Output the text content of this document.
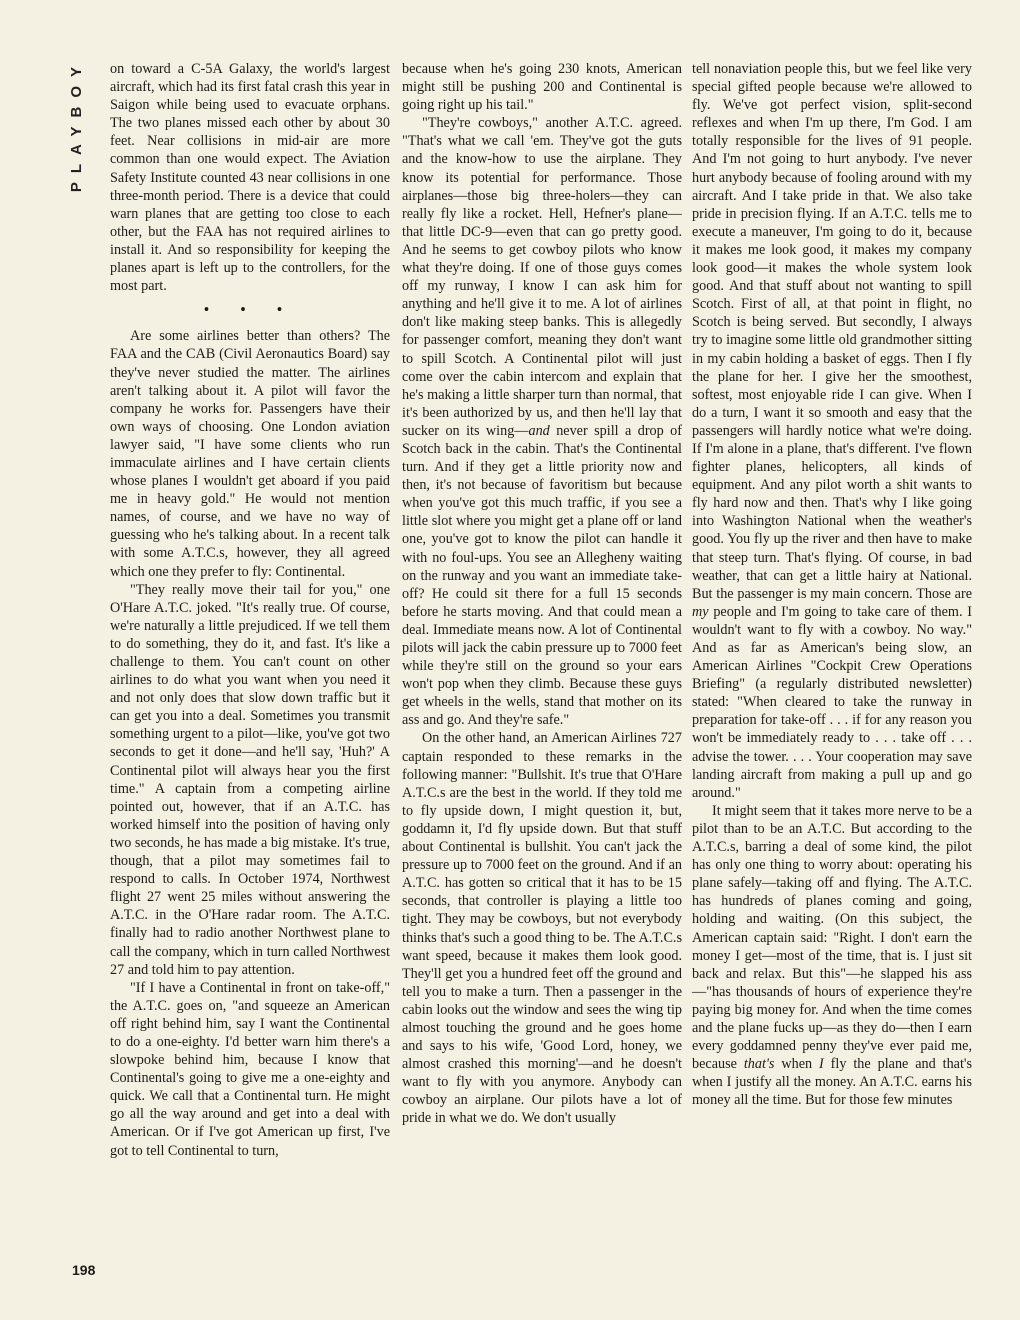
PLAYBOY
198

on toward a C-5A Galaxy, the world's largest aircraft, which had its first fatal crash this year in Saigon while being used to evacuate orphans. The two planes missed each other by about 30 feet. Near collisions in mid-air are more common than one would expect. The Aviation Safety Institute counted 43 near collisions in one three-month period. There is a device that could warn planes that are getting too close to each other, but the FAA has not required airlines to install it. And so responsibility for keeping the planes apart is left up to the controllers, for the most part.

• • •

Are some airlines better than others? The FAA and the CAB (Civil Aeronautics Board) say they've never studied the matter. The airlines aren't talking about it. A pilot will favor the company he works for. Passengers have their own ways of choosing. One London aviation lawyer said, "I have some clients who run immaculate airlines and I have certain clients whose planes I wouldn't get aboard if you paid me in heavy gold." He would not mention names, of course, and we have no way of guessing who he's talking about. In a recent talk with some A.T.C.s, however, they all agreed which one they prefer to fly: Continental.

"They really move their tail for you," one O'Hare A.T.C. joked. "It's really true. Of course, we're naturally a little prejudiced. If we tell them to do something, they do it, and fast. It's like a challenge to them. You can't count on other airlines to do what you want when you need it and not only does that slow down traffic but it can get you into a deal. Sometimes you transmit something urgent to a pilot—like, you've got two seconds to get it done—and he'll say, 'Huh?' A Continental pilot will always hear you the first time." A captain from a competing airline pointed out, however, that if an A.T.C. has worked himself into the position of having only two seconds, he has made a big mistake. It's true, though, that a pilot may sometimes fail to respond to calls. In October 1974, Northwest flight 27 went 25 miles without answering the A.T.C. in the O'Hare radar room. The A.T.C. finally had to radio another Northwest plane to call the company, which in turn called Northwest 27 and told him to pay attention.

"If I have a Continental in front on take-off," the A.T.C. goes on, "and squeeze an American off right behind him, say I want the Continental to do a one-eighty. I'd better warn him there's a slowpoke behind him, because I know that Continental's going to give me a one-eighty and quick. We call that a Continental turn. He might go all the way around and get into a deal with American. Or if I've got American up first, I've got to tell Continental to turn,

because when he's going 230 knots, American might still be pushing 200 and Continental is going right up his tail."

"They're cowboys," another A.T.C. agreed. "That's what we call 'em. They've got the guts and the know-how to use the airplane. They know its potential for performance. Those airplanes—those big three-holers—they can really fly like a rocket. Hell, Hefner's plane—that little DC-9—even that can go pretty good. And he seems to get cowboy pilots who know what they're doing. If one of those guys comes off my runway, I know I can ask him for anything and he'll give it to me. A lot of airlines don't like making steep banks. This is allegedly for passenger comfort, meaning they don't want to spill Scotch. A Continental pilot will just come over the cabin intercom and explain that he's making a little sharper turn than normal, that it's been authorized by us, and then he'll lay that sucker on its wing—and never spill a drop of Scotch back in the cabin. That's the Continental turn. And if they get a little priority now and then, it's not because of favoritism but because when you've got this much traffic, if you see a little slot where you might get a plane off or land one, you've got to know the pilot can handle it with no foul-ups. You see an Allegheny waiting on the runway and you want an immediate take-off? He could sit there for a full 15 seconds before he starts moving. And that could mean a deal. Immediate means now. A lot of Continental pilots will jack the cabin pressure up to 7000 feet while they're still on the ground so your ears won't pop when they climb. Because these guys get wheels in the wells, stand that mother on its ass and go. And they're safe."

On the other hand, an American Airlines 727 captain responded to these remarks in the following manner: "Bullshit. It's true that O'Hare A.T.C.s are the best in the world. If they told me to fly upside down, I might question it, but, goddamn it, I'd fly upside down. But that stuff about Continental is bullshit. You can't jack the pressure up to 7000 feet on the ground. And if an A.T.C. has gotten so critical that it has to be 15 seconds, that controller is playing a little too tight. They may be cowboys, but not everybody thinks that's such a good thing to be. The A.T.C.s want speed, because it makes them look good. They'll get you a hundred feet off the ground and tell you to make a turn. Then a passenger in the cabin looks out the window and sees the wing tip almost touching the ground and he goes home and says to his wife, 'Good Lord, honey, we almost crashed this morning'—and he doesn't want to fly with you anymore. Anybody can cowboy an airplane. Our pilots have a lot of pride in what we do. We don't usually

tell nonaviation people this, but we feel like very special gifted people because we're allowed to fly. We've got perfect vision, split-second reflexes and when I'm up there, I'm God. I am totally responsible for the lives of 91 people. And I'm not going to hurt anybody. I've never hurt anybody because of fooling around with my aircraft. And I take pride in that. We also take pride in precision flying. If an A.T.C. tells me to execute a maneuver, I'm going to do it, because it makes me look good, it makes my company look good—it makes the whole system look good. And that stuff about not wanting to spill Scotch. First of all, at that point in flight, no Scotch is being served. But secondly, I always try to imagine some little old grandmother sitting in my cabin holding a basket of eggs. Then I fly the plane for her. I give her the smoothest, softest, most enjoyable ride I can give. When I do a turn, I want it so smooth and easy that the passengers will hardly notice what we're doing. If I'm alone in a plane, that's different. I've flown fighter planes, helicopters, all kinds of equipment. And any pilot worth a shit wants to fly hard now and then. That's why I like going into Washington National when the weather's good. You fly up the river and then have to make that steep turn. That's flying. Of course, in bad weather, that can get a little hairy at National. But the passenger is my main concern. Those are my people and I'm going to take care of them. I wouldn't want to fly with a cowboy. No way." And as far as American's being slow, an American Airlines "Cockpit Crew Operations Briefing" (a regularly distributed newsletter) stated: "When cleared to take the runway in preparation for take-off . . . if for any reason you won't be immediately ready to . . . take off . . . advise the tower. . . . Your cooperation may save landing aircraft from making a pull up and go around."

It might seem that it takes more nerve to be a pilot than to be an A.T.C. But according to the A.T.C.s, barring a deal of some kind, the pilot has only one thing to worry about: operating his plane safely—taking off and flying. The A.T.C. has hundreds of planes coming and going, holding and waiting. (On this subject, the American captain said: "Right. I don't earn the money I get—most of the time, that is. I just sit back and relax. But this"—he slapped his ass—"has thousands of hours of experience they're paying big money for. And when the time comes and the plane fucks up—as they do—then I earn every goddamned penny they've ever paid me, because that's when I fly the plane and that's when I justify all the money. An A.T.C. earns his money all the time. But for those few minutes
